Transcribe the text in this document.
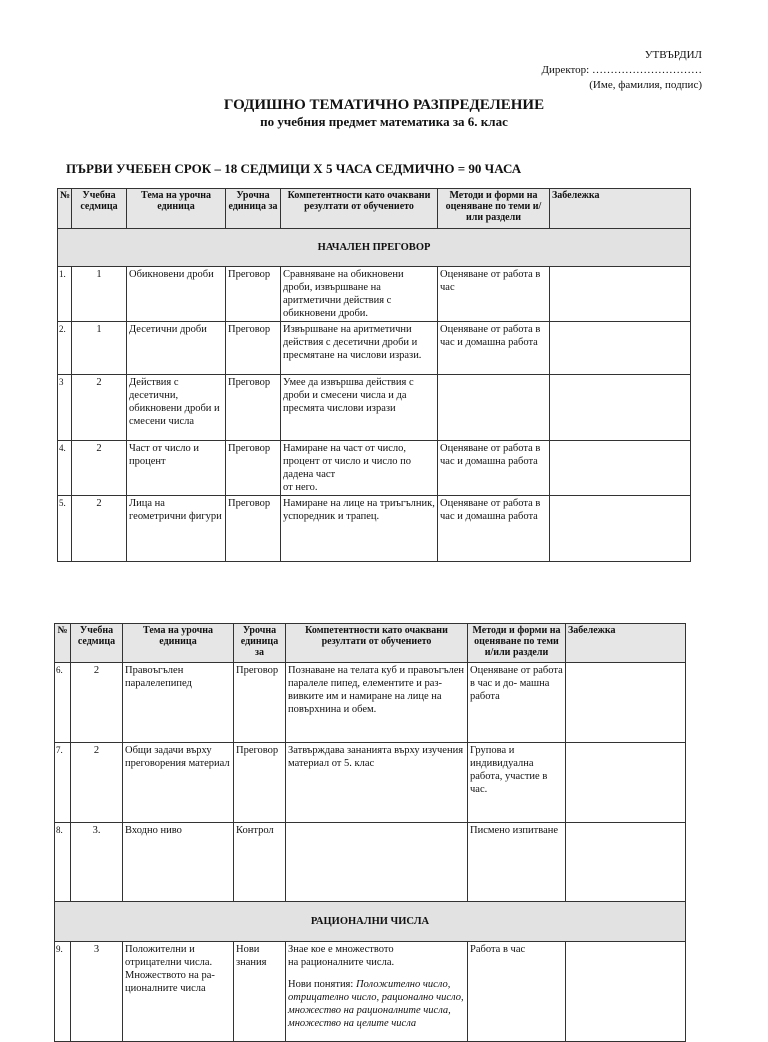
УТВЪРДИЛ
Директор: …………………………
(Име, фамилия, подпис)
ГОДИШНО ТЕМАТИЧНО РАЗПРЕДЕЛЕНИЕ
по учебния предмет математика за 6. клас
ПЪРВИ УЧЕБЕН СРОК – 18 СЕДМИЦИ Х 5 ЧАСА СЕДМИЧНО = 90 ЧАСА
№	Учебна седмица	Тема на урочна единица	Урочна единица за	Компетентности като очаквани резултати от обучението	Методи и форми на оценяване по теми и/или раздели	Забележка
НАЧАЛЕН ПРЕГОВОР						
1.	1	Обикновени дроби	Преговор	Сравняване на обикновени дроби, извършване на аритметични действия с обикновени дроби.	Оценяване от работа в час	
2.	1	Десетични дроби	Преговор	Извършване на аритметични действия с десетични дроби и пресмятане на числови изрази.	Оценяване от работа в час и домашна работа	
3	2	Действия с десетични, обикновени дроби и смесени числа	Преговор	Умее да извършва действия с дроби и смесени числа и да пресмята числови изрази		
4.	2	Част от число и процент	Преговор	Намиране на част от число, процент от число и число по дадена част
от него.	Оценяване от работа в час и домашна работа	
5.	2	Лица на геометрични фигури	Преговор	Намиране на лице на триъгълник, успоредник и трапец.	Оценяване от работа в час и домашна работа	
№	Учебна седмица	Тема на урочна единица	Урочна единица за	Компетентности като очаквани резултати от обучението	Методи и форми на оценяване по теми и/или раздели	Забележка
6.	2	Правоъгълен паралелепипед	Преговор	Познаване на телата куб и правоъгълен паралеле пипед, елементите и раз- вивките им и намиране на лице на повърхнина и обем.	Оценяване от работа в час и до- машна работа	
7.	2	Общи задачи върху преговорения материал	Преговор	Затвърждава зананията върху изучения материал от 5. клас	Групова и индивидуална работа, участие в час.	
8.	3.	Входно ниво	Контрол		Писмено изпитване	
РАЦИОНАЛНИ ЧИСЛА						
9.	3	Положителни и отрицателни числа. Множеството на ра- ционалните числа	Нови знания	Знае кое е множеството
на рационалните числа.
Нови понятия: Положително число, отрицателно число, рационално число, множество на рационалните числа, множество на целите числа	Работа в час	
